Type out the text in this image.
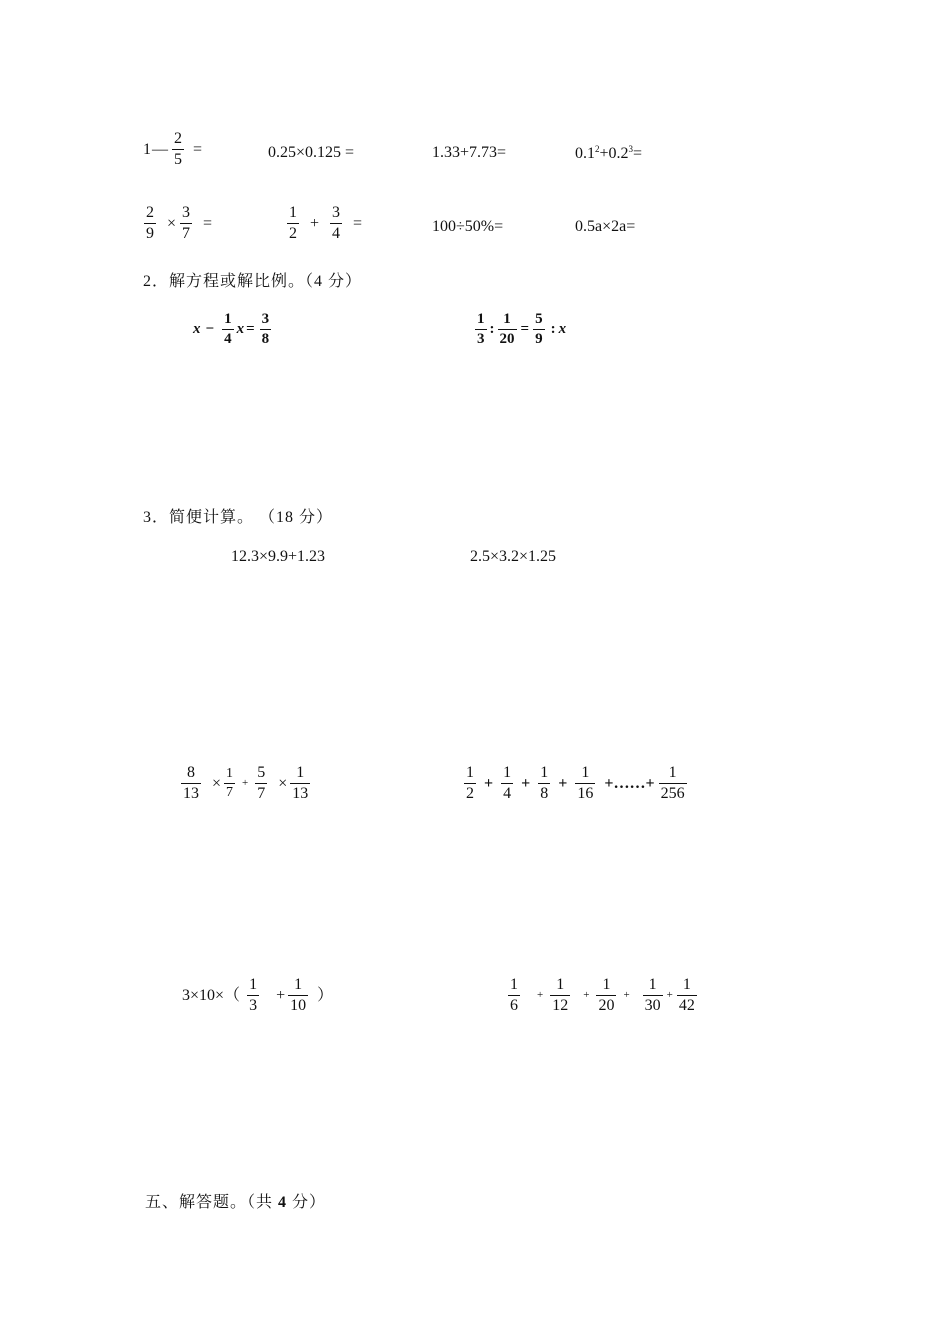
1 — $\frac{2}{5}$ =	0.25×0.125 =	1.33+7.73=	$0.1^2+0.2^3=$
$\frac{2}{9} \times \frac{3}{7}$ =	$\frac{1}{2} + \frac{3}{4}$ =	100÷50%=	0.5a×2a=
2．解方程或解比例。（4 分）
$x - \frac{1}{4}$ $x = \frac{3}{8}$	$\frac{1}{3}$ : $\frac{1}{20} = \frac{5}{9}$ : x
3．简便计算。 （18 分）
12.3×9.9+1.23	2.5×3.2×1.25
$\frac{8}{13} \times \frac{1}{7} + \frac{5}{7} \times \frac{1}{13}$	$\frac{1}{2} + \frac{1}{4} + \frac{1}{8} + \frac{1}{16}$ +……+ $\frac{1}{256}$
$3\times 10\times( \frac{1}{3} + \frac{1}{10}$ ）	$\frac{1}{6} + \frac{1}{12} + \frac{1}{20} + \frac{1}{30} + \frac{1}{42}$
五、解答题。（共 4 分）
